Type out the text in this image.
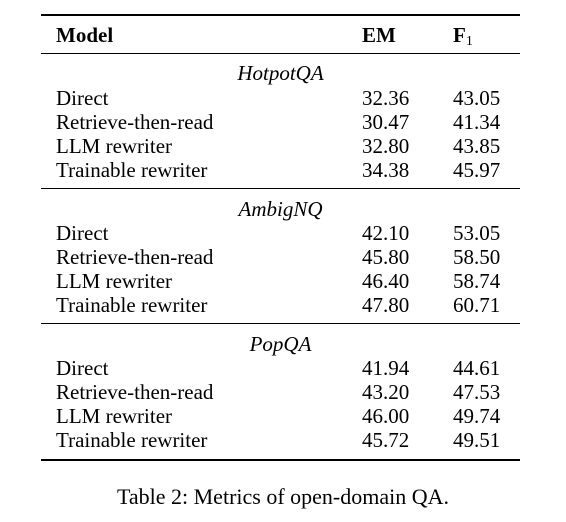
Model	EM	$F_1$
HotpotQA
Direct	32.36 43.05
Retrieve-then-read	30.47 41.34
LLM rewriter	32.80 43.85
Trainable rewriter	34.38 45.97
AmbigNQ
Direct	42.10 53.05
Retrieve-then-read	45.80 58.50
LLM rewriter	46.40 58.74
Trainable rewriter	47.80 60.71
PopQA
Direct	41.94 44.61
Retrieve-then-read	43.20 47.53
LLM rewriter	46.00 49.74
Trainable rewriter	45.72 49.51
Table 2: Metrics of open-domain QA.
